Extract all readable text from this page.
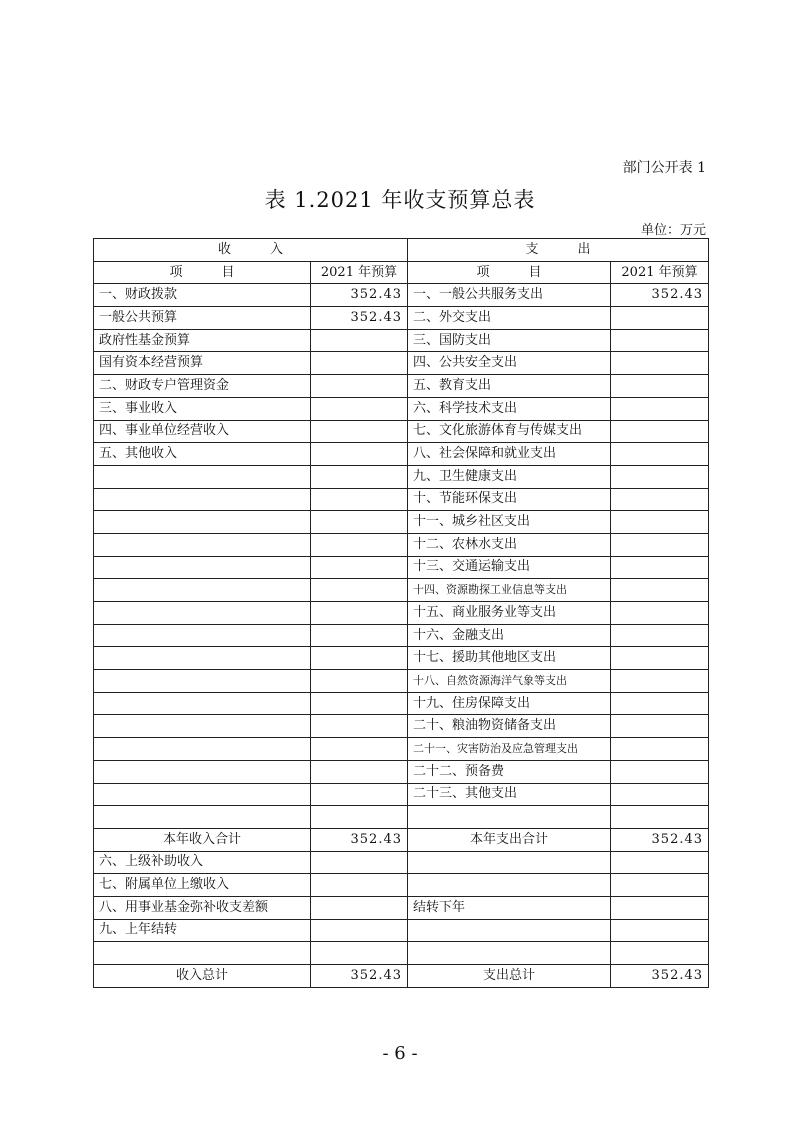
部门公开表 1
表 1.2021 年收支预算总表
单位：万元
收　　　入		支　　　出	
项　　　目	2021 年预算	项　　　目	2021 年预算
一、财政拨款	352.43	一、一般公共服务支出	352.43
一般公共预算	352.43	二、外交支出	
政府性基金预算		三、国防支出	
国有资本经营预算		四、公共安全支出	
二、财政专户管理资金		五、教育支出	
三、事业收入		六、科学技术支出	
四、事业单位经营收入		七、文化旅游体育与传媒支出	
五、其他收入		八、社会保障和就业支出	
		九、卫生健康支出	
		十、节能环保支出	
		十一、城乡社区支出	
		十二、农林水支出	
		十三、交通运输支出	
		十四、资源勘探工业信息等支出	
		十五、商业服务业等支出	
		十六、金融支出	
		十七、援助其他地区支出	
		十八、自然资源海洋气象等支出	
		十九、住房保障支出	
		二十、粮油物资储备支出	
		二十一、灾害防治及应急管理支出	
		二十二、预备费	
		二十三、其他支出	

本年收入合计	352.43	本年支出合计	352.43
六、上级补助收入			
七、附属单位上缴收入			
八、用事业基金弥补收支差额		结转下年	
九、上年结转			

收入总计	352.43	支出总计	352.43
- 6 -
